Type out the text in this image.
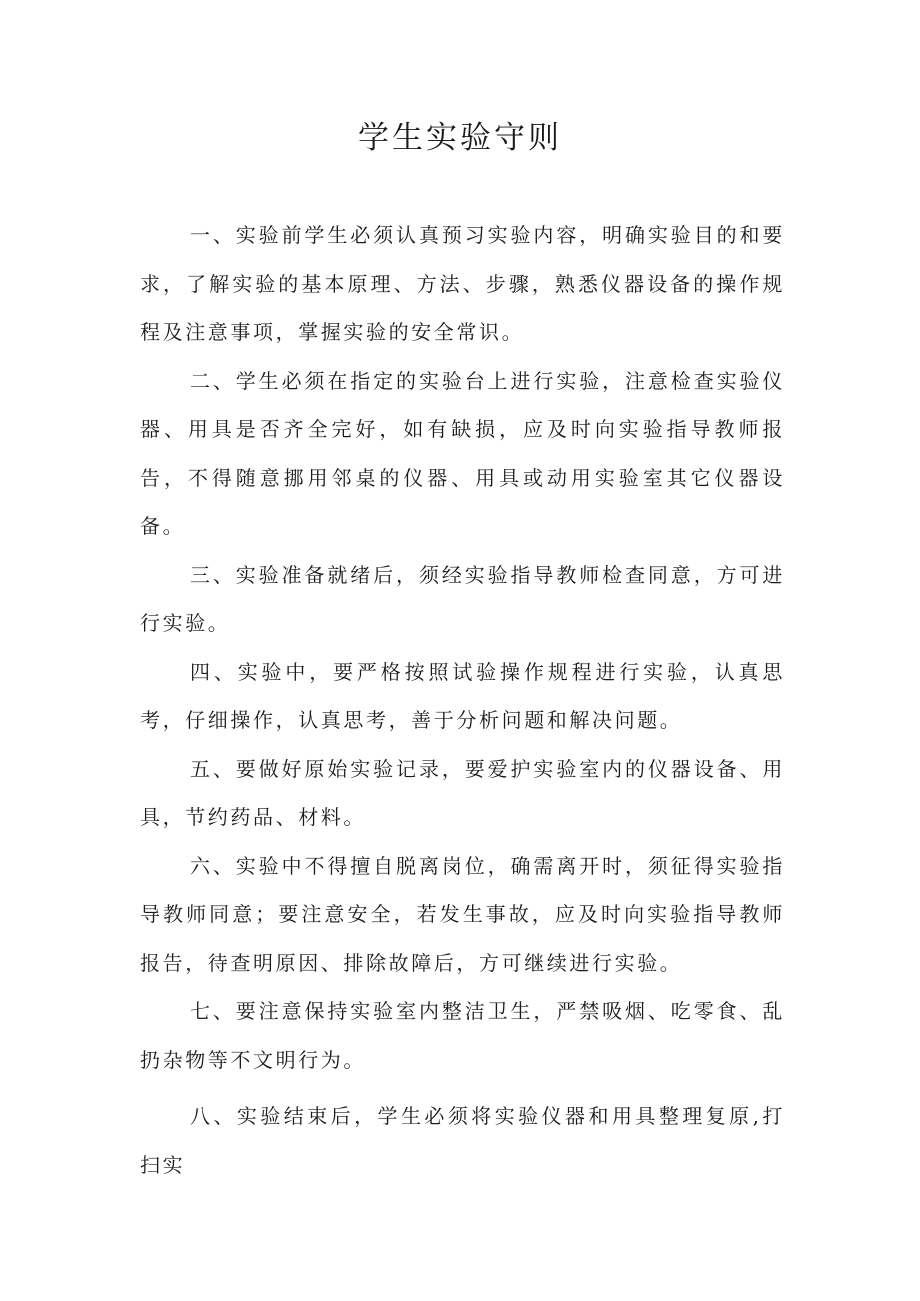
学生实验守则

一、实验前学生必须认真预习实验内容，明确实验目的和要求，了解实验的基本原理、方法、步骤，熟悉仪器设备的操作规程及注意事项，掌握实验的安全常识。

二、学生必须在指定的实验台上进行实验，注意检查实验仪器、用具是否齐全完好，如有缺损，应及时向实验指导教师报告，不得随意挪用邻桌的仪器、用具或动用实验室其它仪器设备。

三、实验准备就绪后，须经实验指导教师检查同意，方可进行实验。

四、实验中，要严格按照试验操作规程进行实验，认真思考，仔细操作，认真思考，善于分析问题和解决问题。

五、要做好原始实验记录，要爱护实验室内的仪器设备、用具，节约药品、材料。

六、实验中不得擅自脱离岗位，确需离开时，须征得实验指导教师同意；要注意安全，若发生事故，应及时向实验指导教师报告，待查明原因、排除故障后，方可继续进行实验。

七、要注意保持实验室内整洁卫生，严禁吸烟、吃零食、乱扔杂物等不文明行为。

八、实验结束后，学生必须将实验仪器和用具整理复原,打扫实
